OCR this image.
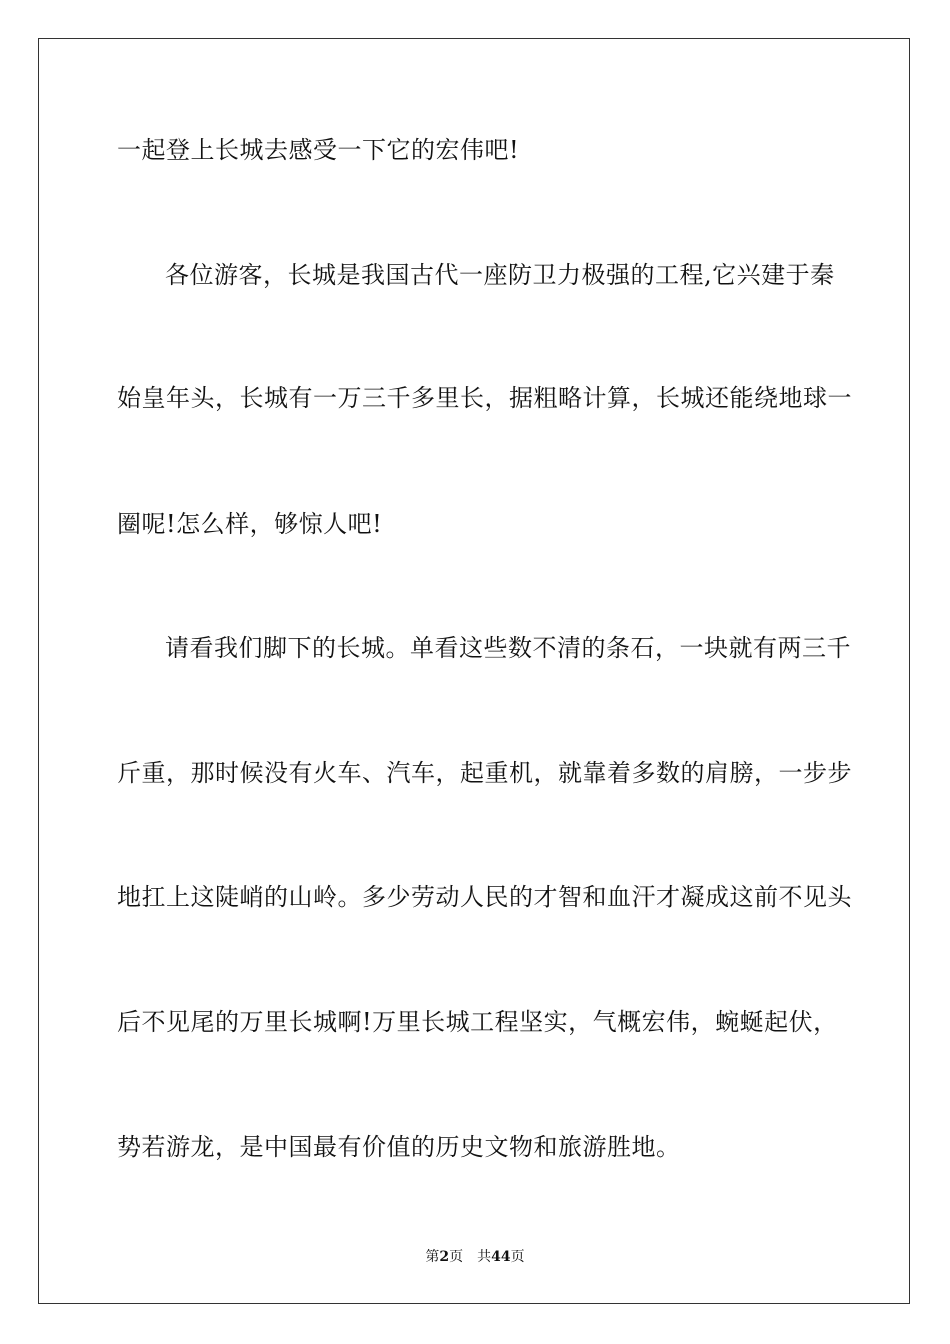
一起登上长城去感受一下它的宏伟吧!
各位游客，长城是我国古代一座防卫力极强的工程,它兴建于秦
始皇年头，长城有一万三千多里长，据粗略计算，长城还能绕地球一
圈呢!怎么样，够惊人吧!
请看我们脚下的长城。单看这些数不清的条石，一块就有两三千
斤重，那时候没有火车、汽车，起重机，就靠着多数的肩膀，一步步
地扛上这陡峭的山岭。多少劳动人民的才智和血汗才凝成这前不见头
后不见尾的万里长城啊!万里长城工程坚实，气概宏伟，蜿蜒起伏，
势若游龙，是中国最有价值的历史文物和旅游胜地。
第2页 共44页
